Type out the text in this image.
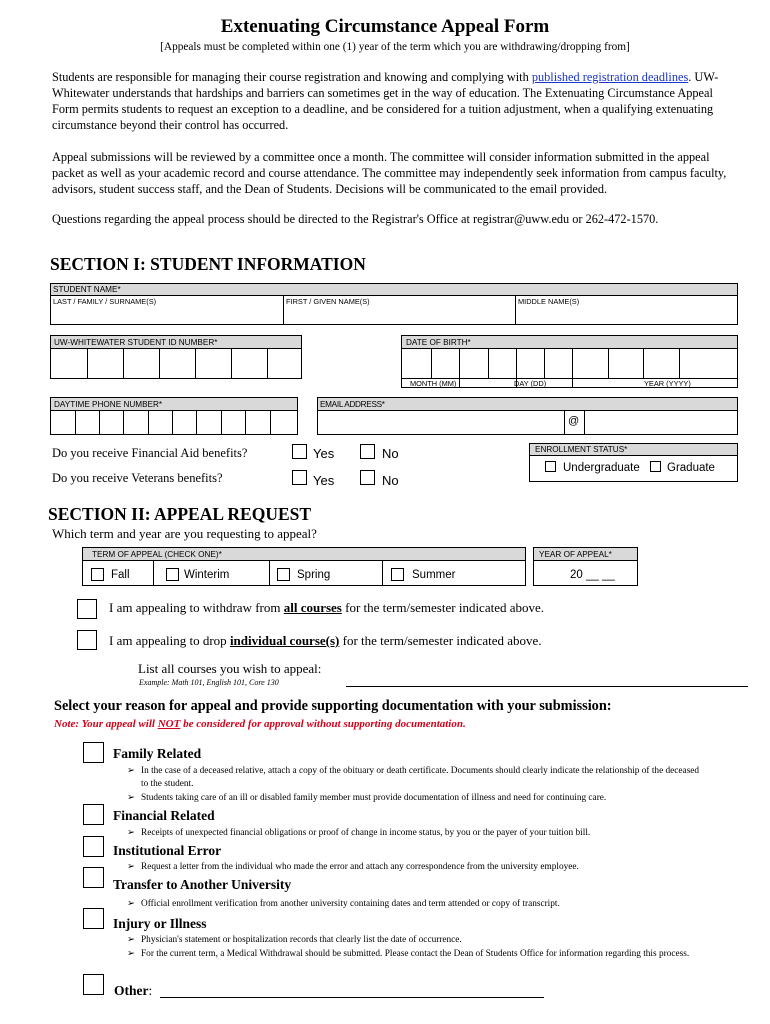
Extenuating Circumstance Appeal Form
[Appeals must be completed within one (1) year of the term which you are withdrawing/dropping from]

Students are responsible for managing their course registration and knowing and complying with published registration deadlines. UW-Whitewater understands that hardships and barriers can sometimes get in the way of education. The Extenuating Circumstance Appeal Form permits students to request an exception to a deadline, and be considered for a tuition adjustment, when a qualifying extenuating circumstance beyond their control has occurred.

Appeal submissions will be reviewed by a committee once a month. The committee will consider information submitted in the appeal packet as well as your academic record and course attendance. The committee may independently seek information from campus faculty, advisors, student success staff, and the Dean of Students. Decisions will be communicated to the email provided.

Questions regarding the appeal process should be directed to the Registrar's Office at registrar@uww.edu or 262-472-1570.

SECTION I: STUDENT INFORMATION
STUDENT NAME*
LAST / FAMILY / SURNAME(S)	FIRST / GIVEN NAME(S)	MIDDLE NAME(S)
UW-WHITEWATER STUDENT ID NUMBER*	DATE OF BIRTH*
MONTH (MM)	DAY (DD)	YEAR (YYYY)
DAYTIME PHONE NUMBER*	EMAIL ADDRESS*
@
Do you receive Financial Aid benefits?	Yes	No
Do you receive Veterans benefits?	Yes	No
ENROLLMENT STATUS*
Undergraduate Graduate
SECTION II: APPEAL REQUEST
Which term and year are you requesting to appeal?
TERM OF APPEAL (CHECK ONE)*
Fall	Winterim	Spring	Summer
YEAR OF APPEAL*
20 __ __
I am appealing to withdraw from all courses for the term/semester indicated above.
I am appealing to drop individual course(s) for the term/semester indicated above.
List all courses you wish to appeal:
Example: Math 101, English 101, Core 130
Select your reason for appeal and provide supporting documentation with your submission:
Note: Your appeal will NOT be considered for approval without supporting documentation.
Family Related
➢ In the case of a deceased relative, attach a copy of the obituary or death certificate. Documents should clearly indicate the relationship of the deceased to the student.
➢ Students taking care of an ill or disabled family member must provide documentation of illness and need for continuing care.
Financial Related
➢ Receipts of unexpected financial obligations or proof of change in income status, by you or the payer of your tuition bill.
Institutional Error
➢ Request a letter from the individual who made the error and attach any correspondence from the university employee.
Transfer to Another University
➢ Official enrollment verification from another university containing dates and term attended or copy of transcript.
Injury or Illness
➢ Physician's statement or hospitalization records that clearly list the date of occurrence.
➢ For the current term, a Medical Withdrawal should be submitted. Please contact the Dean of Students Office for information regarding this process.
Other:
